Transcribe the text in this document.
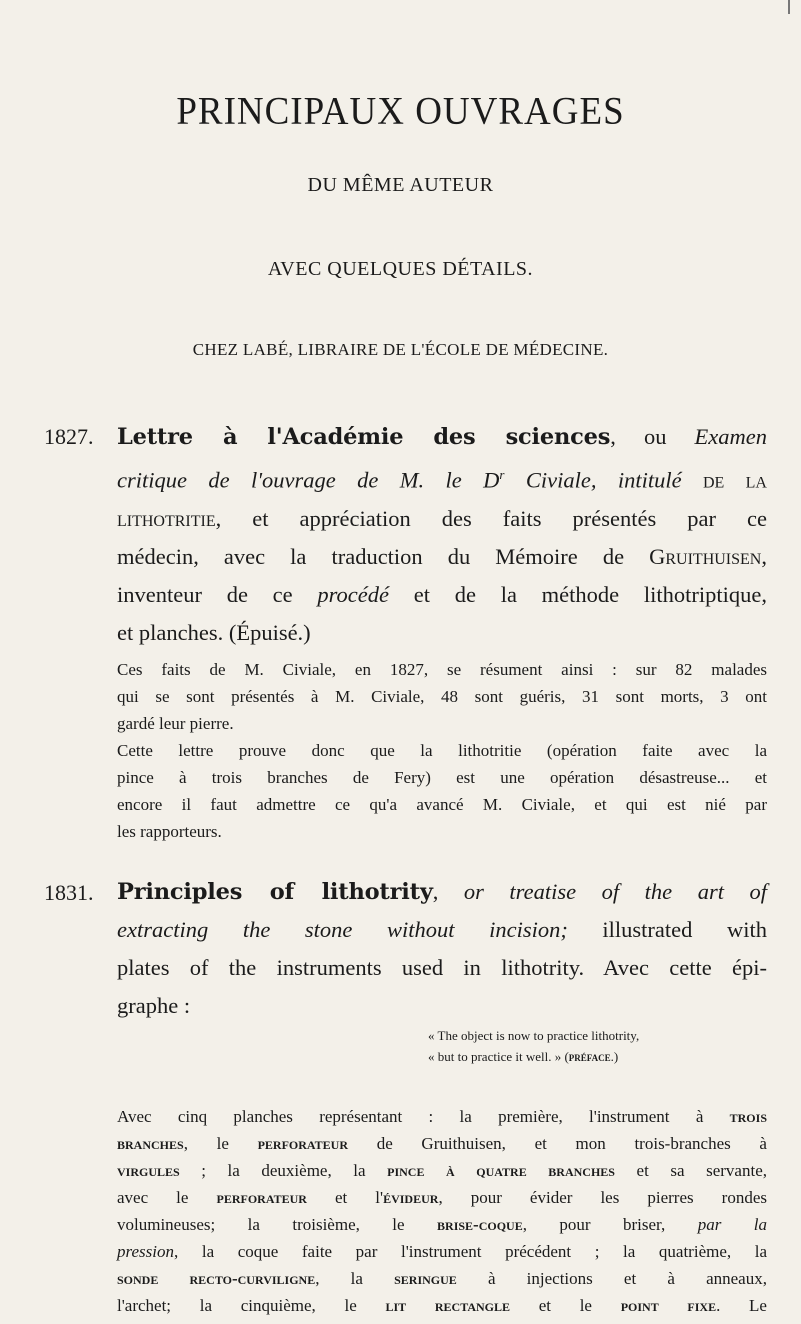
PRINCIPAUX OUVRAGES
DU MÊME AUTEUR
AVEC QUELQUES DÉTAILS.
CHEZ LABÉ, LIBRAIRE DE L'ÉCOLE DE MÉDECINE.
1827. Lettre à l'Académie des sciences, ou Examen
critique de l'ouvrage de M. le $D^r$ Civiale, intitulé de la
lithotritie, et appréciation des faits présentés par ce
médecin, avec la traduction du Mémoire de Gruithuisen,
inventeur de ce procédé et de la méthode lithotriptique,
et planches. (Épuisé.)
Ces faits de M. Civiale, en 1827, se résument ainsi : sur 82 malades
qui se sont présentés à M. Civiale, 48 sont guéris, 31 sont morts, 3 ont
gardé leur pierre.
Cette lettre prouve donc que la lithotritie (opération faite avec la
pince à trois branches de Fery) est une opération désastreuse... et
encore il faut admettre ce qu'a avancé M. Civiale, et qui est nié par
les rapporteurs.
1831. Principles of lithotrity, or treatise of the art of
extracting the stone without incision; illustrated with
plates of the instruments used in lithotrity. Avec cette épi-
graphe :
« The object is now to practice lithotrity,
« but to practice it well. » (préface.)
Avec cinq planches représentant : la première, l'instrument à trois
branches, le perforateur de Gruithuisen, et mon trois-branches à
virgules ; la deuxième, la pince à quatre branches et sa servante,
avec le perforateur et l'évideur, pour évider les pierres rondes
volumineuses; la troisième, le brise-coque, pour briser, par la
pression, la coque faite par l'instrument précédent ; la quatrième, la
sonde recto-curviligne, la seringue à injections et à anneaux,
l'archet; la cinquième, le lit rectangle et le point fixe. Le
